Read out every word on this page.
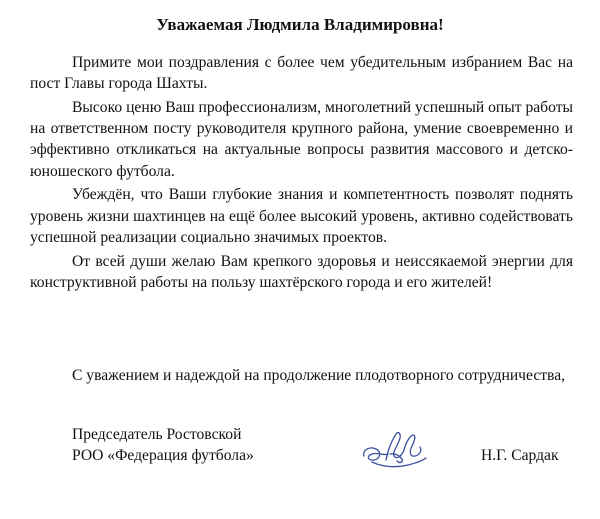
Уважаемая Людмила Владимировна!

Примите мои поздравления с более чем убедительным избранием Вас на пост Главы города Шахты.

Высоко ценю Ваш профессионализм, многолетний успешный опыт работы на ответственном посту руководителя крупного района, умение своевременно и эффективно откликаться на актуальные вопросы развития массового и детско-юношеского футбола.

Убеждён, что Ваши глубокие знания и компетентность позволят поднять уровень жизни шахтинцев на ещё более высокий уровень, активно содействовать успешной реализации социально значимых проектов.

От всей души желаю Вам крепкого здоровья и неиссякаемой энергии для конструктивной работы на пользу шахтёрского города и его жителей!

С уважением и надеждой на продолжение плодотворного сотрудничества,

Председатель Ростовской
РОО «Федерация футбола»	Н.Г. Сардак
